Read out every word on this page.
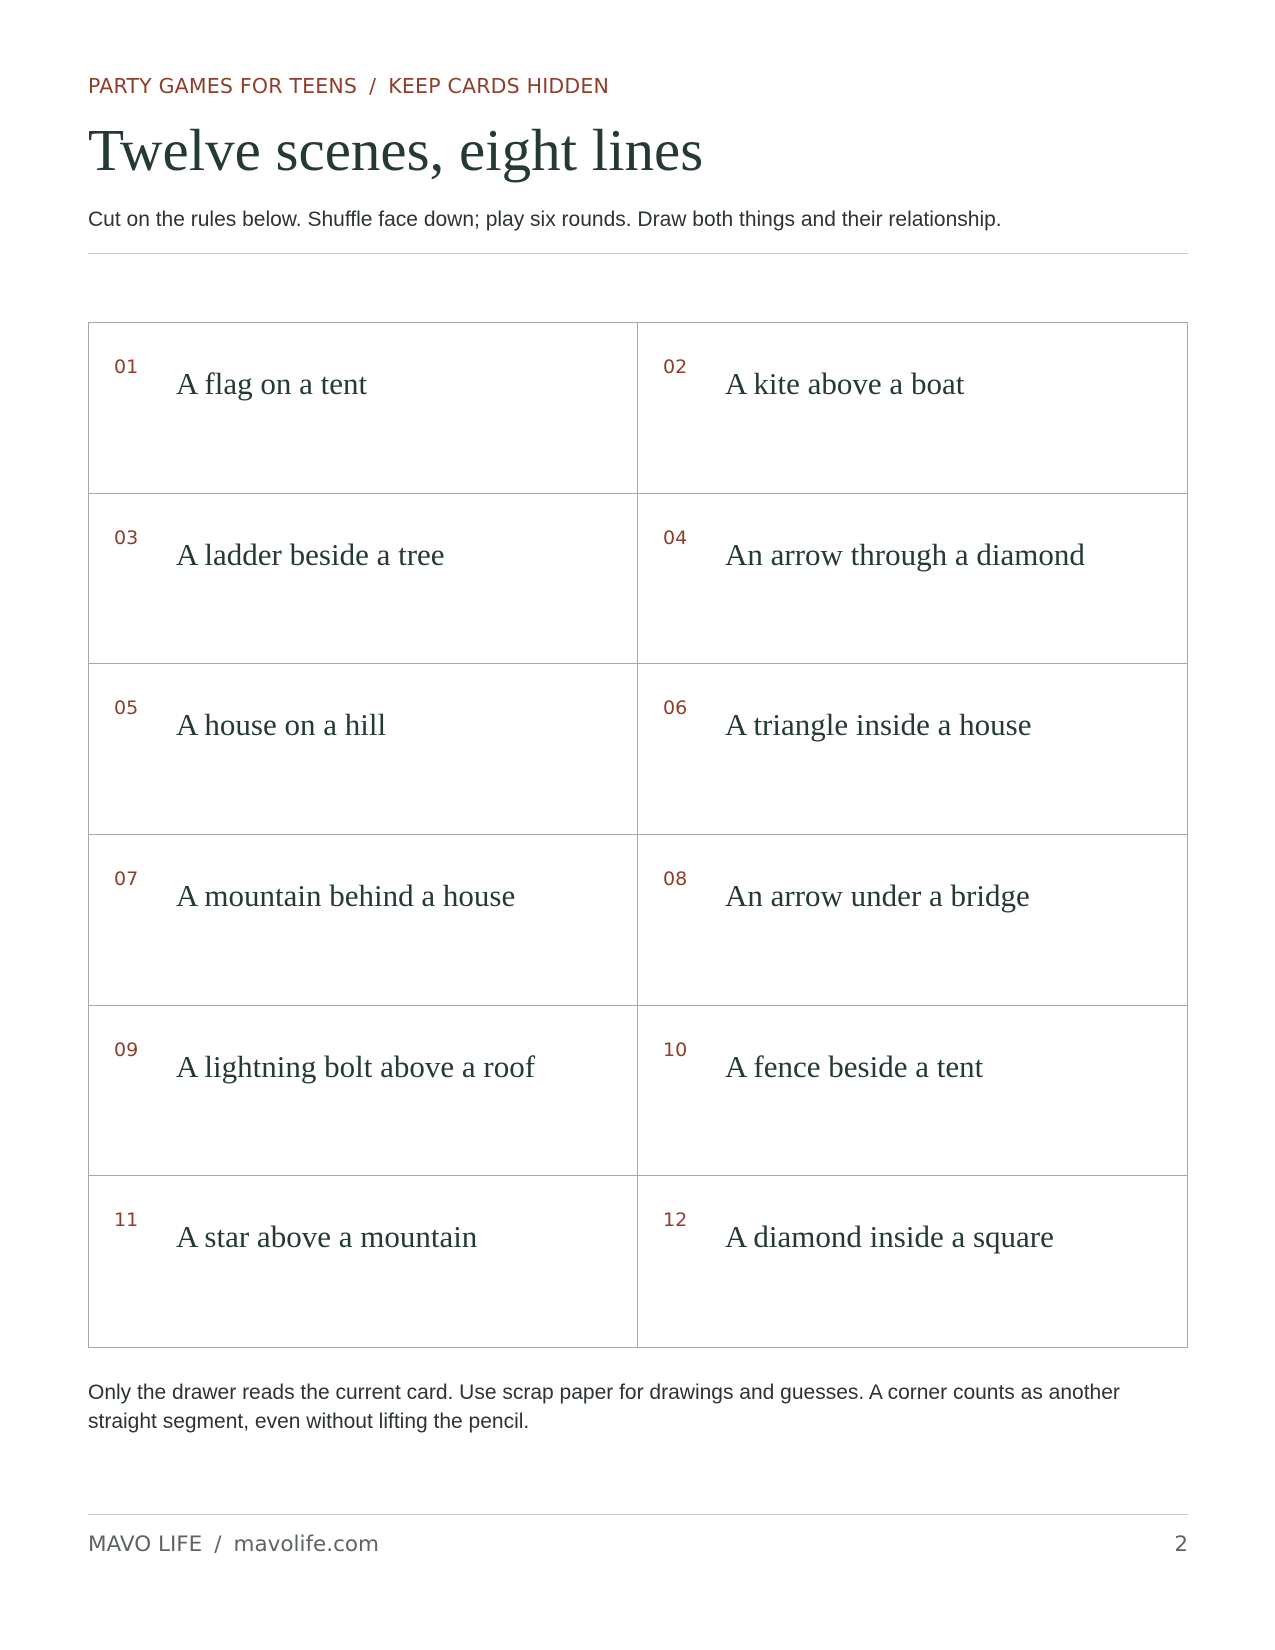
PARTY GAMES FOR TEENS / KEEP CARDS HIDDEN
Twelve scenes, eight lines

Cut on the rules below. Shuffle face down; play six rounds. Draw both things and their relationship.

01 A flag on a tent	02 A kite above a boat
03 A ladder beside a tree	04 An arrow through a diamond
05 A house on a hill	06 A triangle inside a house
07 A mountain behind a house	08 An arrow under a bridge
09 A lightning bolt above a roof	10 A fence beside a tent
11 A star above a mountain	12 A diamond inside a square

Only the drawer reads the current card. Use scrap paper for drawings and guesses. A corner counts as another straight segment, even without lifting the pencil.

MAVO LIFE / mavolife.com	2
